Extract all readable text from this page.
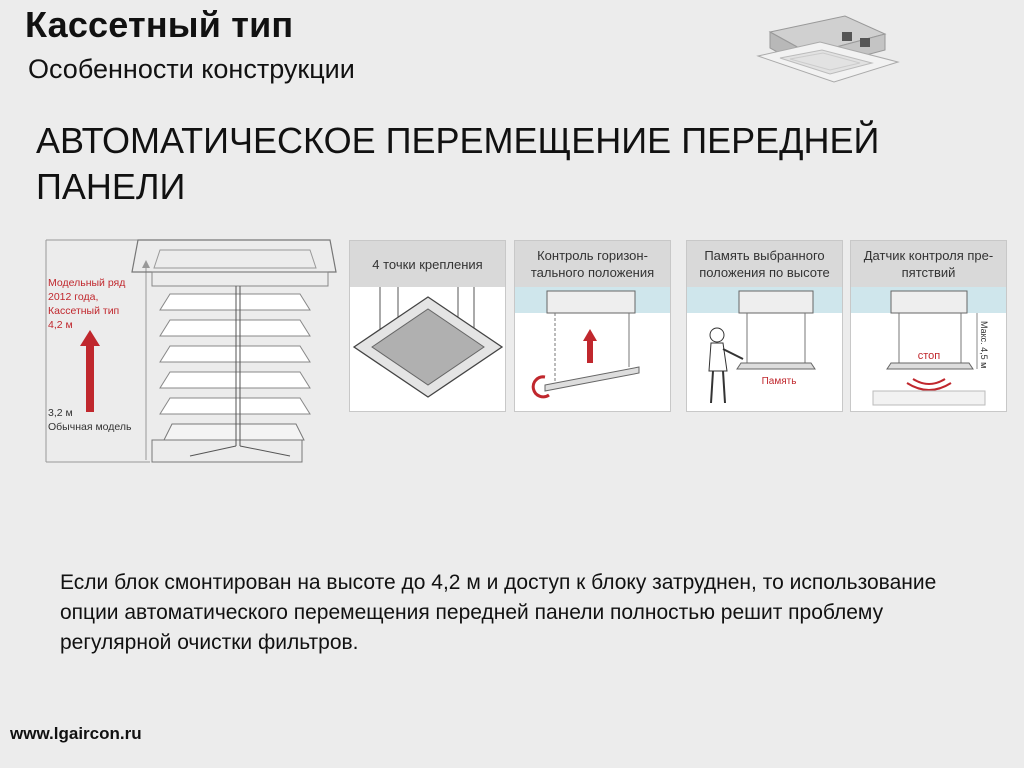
Кассетный тип
Особенности конструкции
АВТОМАТИЧЕСКОЕ ПЕРЕМЕЩЕНИЕ ПЕРЕДНЕЙ ПАНЕЛИ
Модельный ряд
2012 года,
Кассетный тип
4,2 м
3,2 м
Обычная модель
4 точки крепления
Контроль горизон-тального положения
Память выбранного положения по высоте
Память
Датчик контроля пре-пятствий
Макс. 4,5 м
стоп
Если блок смонтирован на высоте до 4,2 м и доступ к блоку затруднен, то использование опции автоматического перемещения передней панели полностью решит проблему регулярной очистки фильтров.
www.lgaircon.ru
